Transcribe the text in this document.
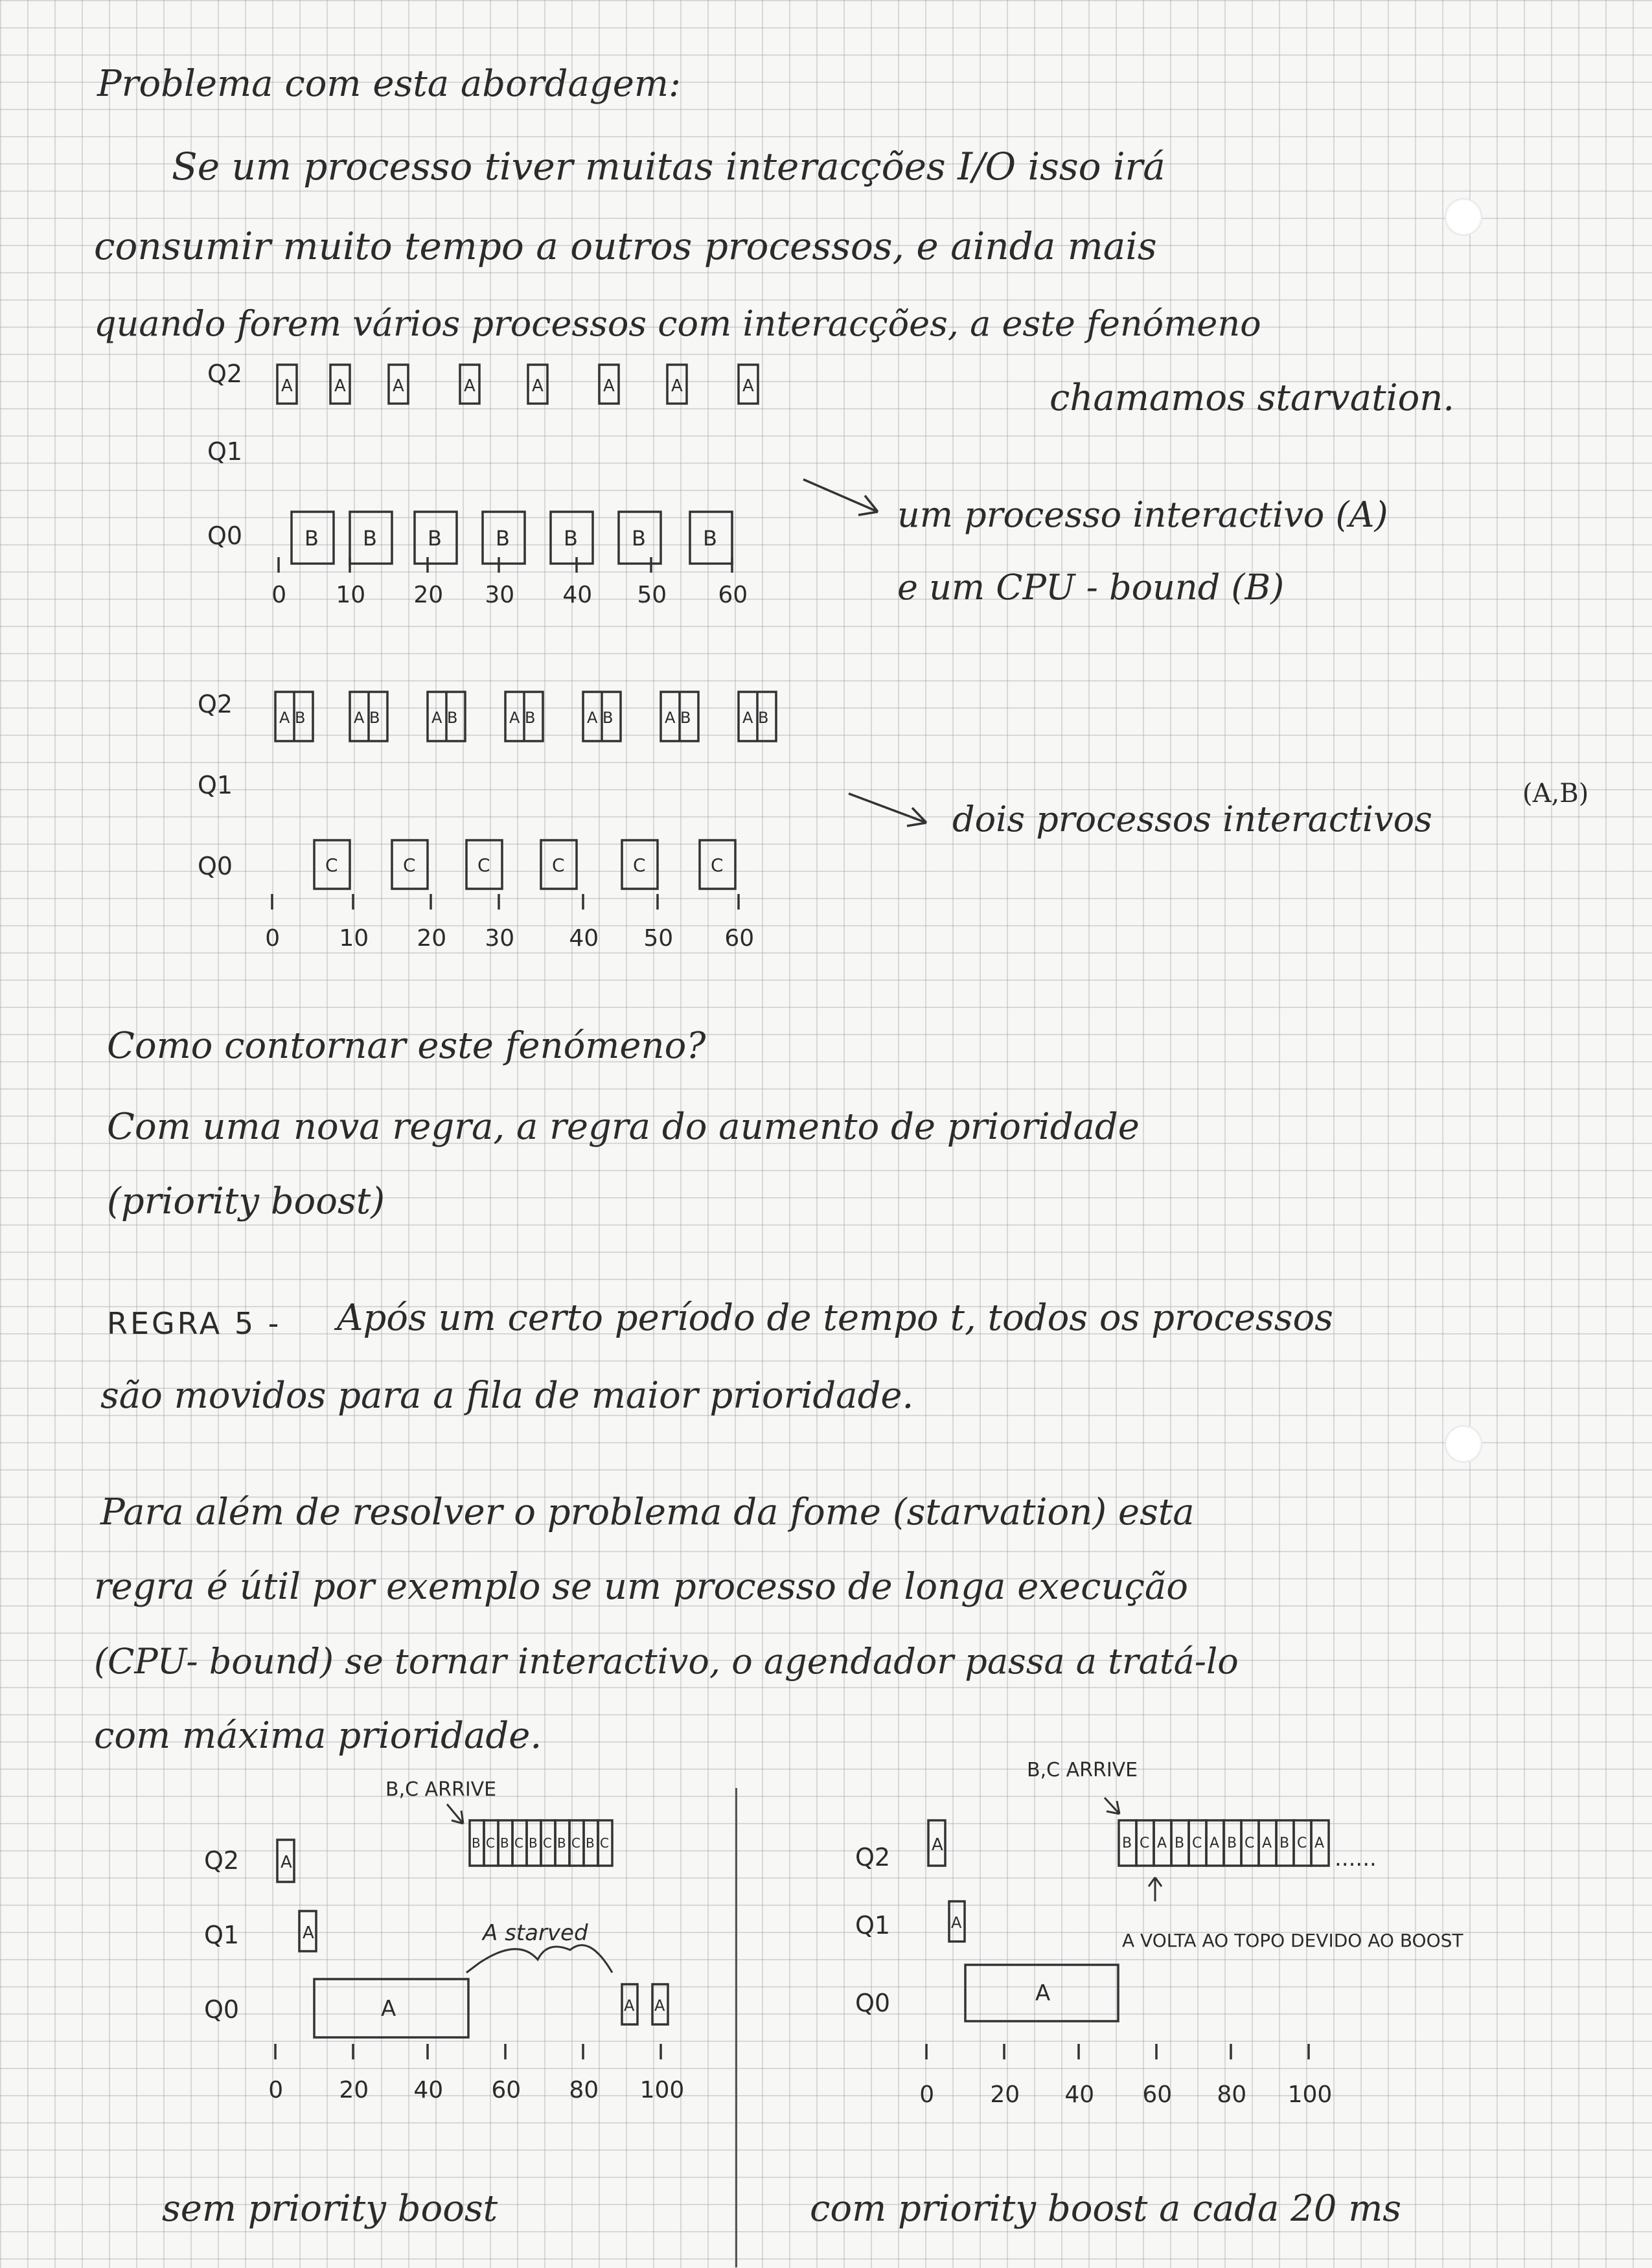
Problema com esta abordagem:
Se um processo tiver muitas interacções I/O isso irá
consumir muito tempo a outros processos, e ainda mais
quando forem vários processos com interacções, a este fenómeno
chamamos starvation.
Q2
Q1
Q0
A A	A	A	A	A	A	A
B B B	B	B	B	B
0 10 20 30 40 50 60
um processo interactivo (A)
e um CPU - bound (B)
Q2
Q1
Q0
A B	A B	A B	A B	A B	A B	A B
C	C	C	C	C	C
0	10 20 30 40 50 60
dois processos interactivos
(A,B)
Como contornar este fenómeno?
Com uma nova regra, a regra do aumento de prioridade
(priority boost)
REGRA 5 - Após um certo período de tempo t, todos os processos
são movidos para a fila de maior prioridade.
Para além de resolver o problema da fome (starvation) esta
regra é útil por exemplo se um processo de longa execução
(CPU- bound) se tornar interactivo, o agendador passa a tratá-lo
com máxima prioridade.
B,C ARRIVE
Q2
Q1
Q0
A
A
A	A A
B C B C B C B C B C
A starved
0 20 40 60 80 100
sem priority boost
B,C ARRIVE
Q2
Q1
Q0
A
A
A
B C A B C A B C A B C A
......
A VOLTA AO TOPO DEVIDO AO BOOST
0 20 40 60 80 100
com priority boost a cada 20 ms
